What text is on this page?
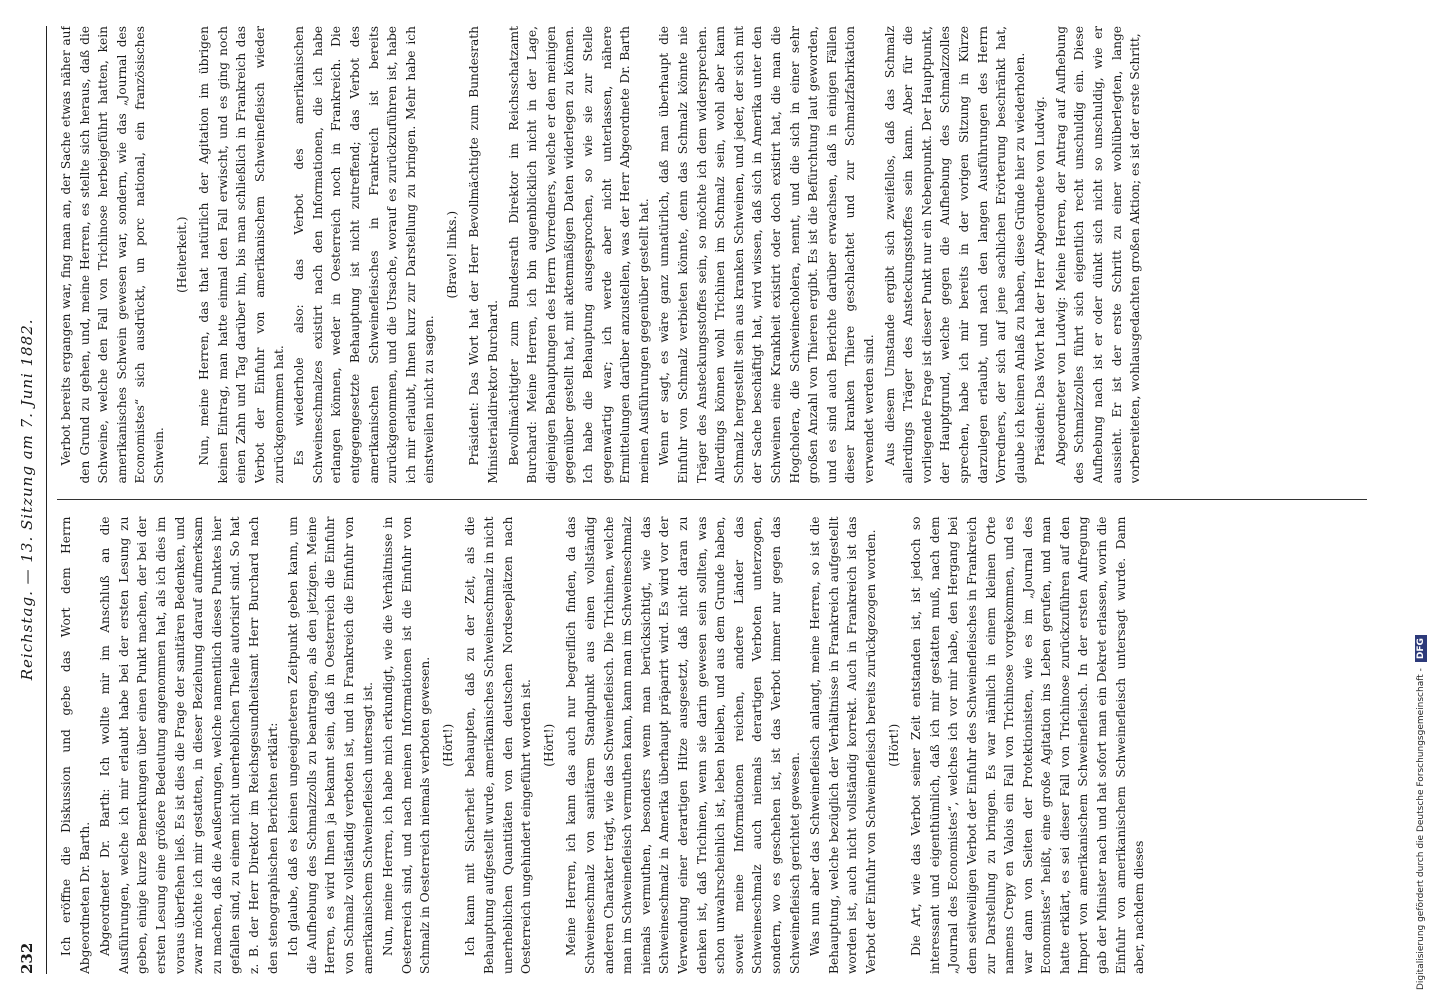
232
Reichstag. — 13. Sitzung am 7. Juni 1882.

Ich eröffne die Diskussion und gebe das Wort dem Herrn Abgeordneten Dr. Barth. Abgeordneter Dr. Barth: Ich wollte mir im Anschluß an die Ausführungen, welche ich mir erlaubt habe bei der ersten Lesung zu geben, einige kurze Bemerkungen über einen Punkt machen, der bei der ersten Lesung eine größere Bedeutung angenommen hat, als ich dies im voraus überfehen ließ. Es ist dies die Frage der sanitären Bedenken, und zwar möchte ich mir gestatten, in dieser Beziehung darauf aufmerksam zu machen, daß die Aeußerungen, welche namentlich dieses Punktes hier gefallen sind, zu einem nicht unerheblichen Theile autorisirt sind. So hat z. B. der Herr Direktor im Reichsgesundheitsamt Herr Burchard nach den stenographischen Berichten erklärt: Ich glaube, daß es keinen ungeeigneteren Zeitpunkt geben kann, um die Aufhebung des Schmalzzolls zu beantragen, als den jetzigen. Meine Herren, es wird Ihnen ja bekannt sein, daß in Oesterreich die Einfuhr von Schmalz vollständig verboten ist, und in Frankreich die Einfuhr von amerikanischem Schweinefleisch untersagt ist. Nun, meine Herren, ich habe mich erkundigt, wie die Verhältnisse in Oesterreich sind, und nach meinen Informationen ist die Einfuhr von Schmalz in Oesterreich niemals verboten gewesen. (Hört!) Ich kann mit Sicherheit behaupten, daß zu der Zeit, als die Behauptung aufgestellt wurde, amerikanisches Schweineschmalz in nicht unerheblichen Quantitäten von den deutschen Nordseeplätzen nach Oesterreich ungehindert eingeführt worden ist. (Hört!) Meine Herren, ich kann das auch nur begreiflich finden, da das Schweineschmalz von sanitärem Standpunkt aus einen vollständig anderen Charakter trägt, wie das Schweinefleisch. Die Trichinen, welche man im Schweinefleisch vermuthen kann, kann man im Schweineschmalz niemals vermuthen, besonders wenn man berücksichtigt, wie das Schweineschmalz in Amerika überhaupt präparirt wird. Es wird vor der Verwendung einer derartigen Hitze ausgesetzt, daß nicht daran zu denken ist, daß Trichinen, wenn sie darin gewesen sein sollten, was schon unwahrscheinlich ist, leben bleiben, und aus dem Grunde haben, soweit meine Informationen reichen, andere Länder das Schweineschmalz auch niemals derartigen Verboten unterzogen, sondern, wo es geschehen ist, ist das Verbot immer nur gegen das Schweinefleisch gerichtet gewesen. Was nun aber das Schweinefleisch anlangt, meine Herren, so ist die Behauptung, welche bezüglich der Verhältnisse in Frankreich aufgestellt worden ist, auch nicht vollständig korrekt. Auch in Frankreich ist das Verbot der Einfuhr von Schweinefleisch bereits zurückgezogen worden. (Hört!) Die Art, wie das Verbot seiner Zeit entstanden ist, ist jedoch so interessant und eigenthümlich, daß ich mir gestatten muß, nach dem „Journal des Economistes“, welches ich vor mir habe, den Hergang bei dem seitweiligen Verbot der Einfuhr des Schweinefleisches in Frankreich zur Darstellung zu bringen. Es war nämlich in einem kleinen Orte namens Crepy en Valois ein Fall von Trichinose vorgekommen, und es war dann von Seiten der Protektionisten, wie es im „Journal des Economistes“ heißt, eine große Agitation ins Leben gerufen, und man hatte erklärt, es sei dieser Fall von Trichinose zurückzuführen auf den Import von amerikanischem Schweinefleisch. In der ersten Aufregung gab der Minister nach und hat sofort man ein Dekret erlassen, worin die Einfuhr von amerikanischem Schweinefleisch untersagt wurde. Dann aber, nachdem dieses

Verbot bereits ergangen war, fing man an, der Sache etwas näher auf den Grund zu gehen, und, meine Herren, es stellte sich heraus, daß die Schweine, welche den Fall von Trichinose herbeigeführt hatten, kein amerikanisches Schwein gewesen war, sondern, wie das „Journal des Economistes“ sich ausdrückt, un porc national, ein französisches Schwein.

(Heiterkeit.) Nun, meine Herren, das that natürlich der Agitation im übrigen keinen Eintrag, man hatte einmal den Fall erwischt, und es ging noch einen Zahn und Tag darüber hin, bis man schließlich in Frankreich das Verbot der Einfuhr von amerikanischem Schweinefleisch wieder zurückgenommen hat. Es wiederhole also: das Verbot des amerikanischen Schweineschmalzes existirt nach den Informationen, die ich habe erlangen können, weder in Oesterreich noch in Frankreich. Die entgegengesetzte Behauptung ist nicht zutreffend; das Verbot des amerikanischen Schweinefleisches in Frankreich ist bereits zurückgenommen, und die Ursache, worauf es zurückzuführen ist, habe ich mir erlaubt, Ihnen kurz zur Darstellung zu bringen. Mehr habe ich einstweilen nicht zu sagen.

(Bravo! links.) Präsident: Das Wort hat der Herr Bevollmächtigte zum Bundesrath Ministerialdirektor Burchard. Bevollmächtigter zum Bundesrath Direktor im Reichsschatzamt Burchard: Meine Herren, ich bin augenblicklich nicht in der Lage, diejenigen Behauptungen des Herrn Vorredners, welche er den meinigen gegenüber gestellt hat, mit aktenmäßigen Daten widerlegen zu können. Ich habe die Behauptung ausgesprochen, so wie sie zur Stelle gegenwärtig war; ich werde aber nicht unterlassen, nähere Ermittelungen darüber anzustellen, was der Herr Abgeordnete Dr. Barth meinen Ausführungen gegenüber gestellt hat. Wenn er sagt, es wäre ganz unnatürlich, daß man überhaupt die Einfuhr von Schmalz verbieten könnte, denn das Schmalz könnte nie Träger des Ansteckungsstoffes sein, so möchte ich dem widersprechen. Allerdings können wohl Trichinen im Schmalz sein, wohl aber kann Schmalz hergestellt sein aus kranken Schweinen, und jeder, der sich mit der Sache beschäftigt hat, wird wissen, daß sich in Amerika unter den Schweinen eine Krankheit existirt oder doch existirt hat, die man die Hogcholera, die Schweinecholera, nennt, und die sich in einer sehr großen Anzahl von Thieren ergibt. Es ist die Befürchtung laut geworden, und es sind auch Berichte darüber erwachsen, daß in einigen Fällen dieser kranken Thiere geschlachtet und zur Schmalzfabrikation verwendet werden sind. Aus diesem Umstande ergibt sich zweifellos, daß das Schmalz allerdings Träger des Ansteckungsstoffes sein kann. Aber für die vorliegende Frage ist dieser Punkt nur ein Nebenpunkt. Der Hauptpunkt, der Hauptgrund, welche gegen die Aufhebung des Schmalzzolles sprechen, habe ich mir bereits in der vorigen Sitzung in Kürze darzulegen erlaubt, und nach den langen Ausführungen des Herrn Vorredners, der sich auf jene sachlichen Erörterung beschränkt hat, glaube ich keinen Anlaß zu haben, diese Gründe hier zu wiederholen. Präsident: Das Wort hat der Herr Abgeordnete von Ludwig. Abgeordneter von Ludwig: Meine Herren, der Antrag auf Aufhebung des Schmalzzolles führt sich eigentlich recht unschuldig ein. Diese Aufhebung nach ist er oder dünkt sich nicht so unschuldig, wie er aussieht. Er ist der erste Schritt zu einer wohlüberlegten, lange vorbereiteten, wohlausgedachten großen Aktion; es ist der erste Schritt,

Digitalisierung gefördert durch die Deutsche Forschungsgemeinschaft -
DFG
